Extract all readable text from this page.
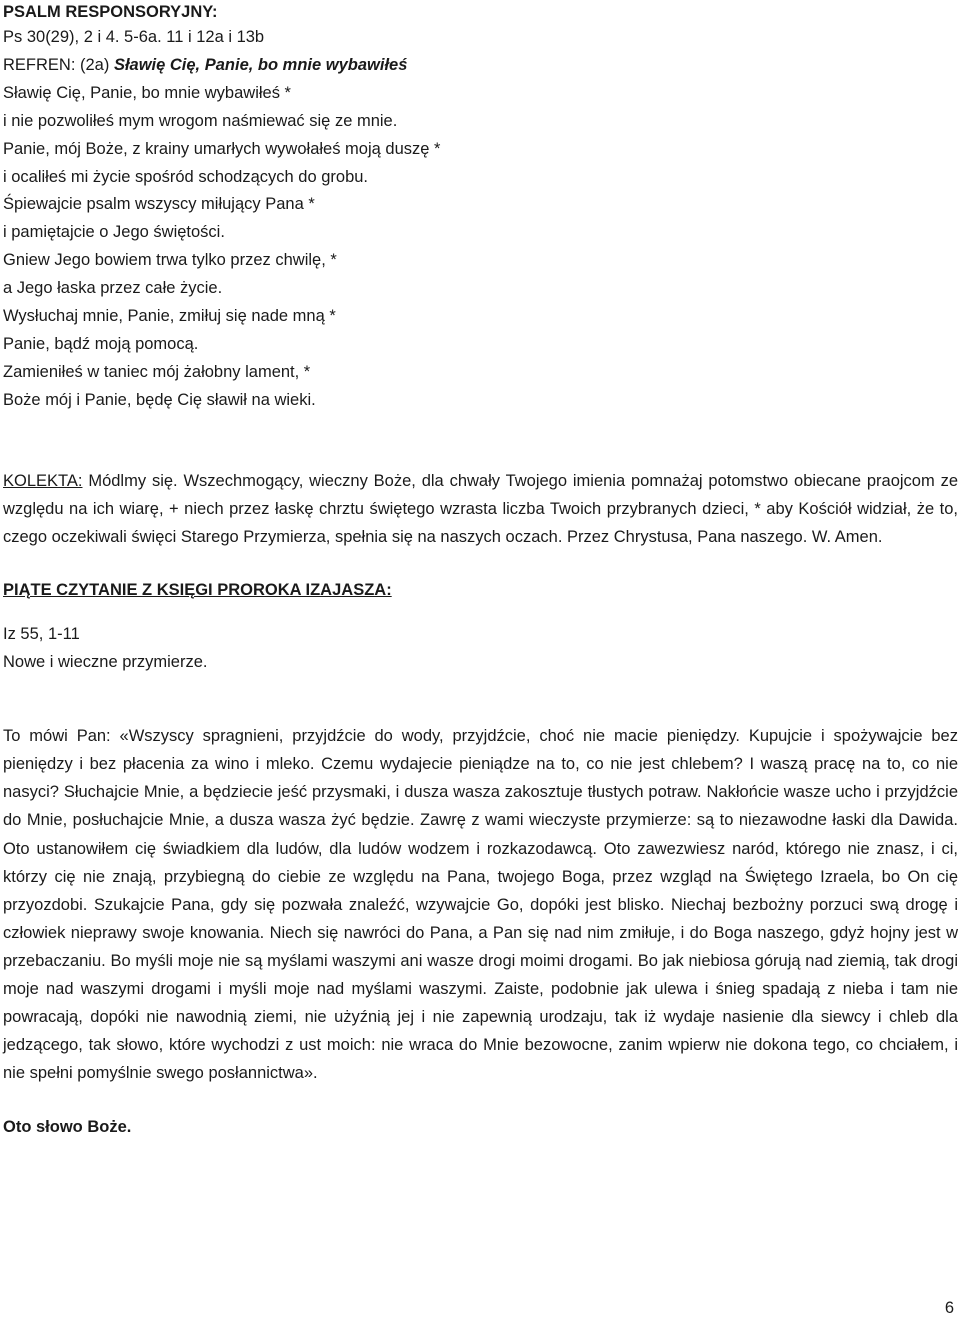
PSALM RESPONSORYJNY:

Ps 30(29), 2 i 4. 5-6a. 11 i 12a i 13b

REFREN: (2a) Sławię Cię, Panie, bo mnie wybawiłeś

Sławię Cię, Panie, bo mnie wybawiłeś *

i nie pozwoliłeś mym wrogom naśmiewać się ze mnie.

Panie, mój Boże, z krainy umarłych wywołałeś moją duszę *

i ocaliłeś mi życie spośród schodzących do grobu.

Śpiewajcie psalm wszyscy miłujący Pana *

i pamiętajcie o Jego świętości.

Gniew Jego bowiem trwa tylko przez chwilę, *

a Jego łaska przez całe życie.

Wysłuchaj mnie, Panie, zmiłuj się nade mną *

Panie, bądź moją pomocą.

Zamieniłeś w taniec mój żałobny lament, *

Boże mój i Panie, będę Cię sławił na wieki.

KOLEKTA: Módlmy się. Wszechmogący, wieczny Boże, dla chwały Twojego imienia pomnażaj potomstwo obiecane praojcom ze względu na ich wiarę, + niech przez łaskę chrztu świętego wzrasta liczba Twoich przybranych dzieci, * aby Kościół widział, że to, czego oczekiwali święci Starego Przymierza, spełnia się na naszych oczach. Przez Chrystusa, Pana naszego. W. Amen.

PIĄTE CZYTANIE Z KSIĘGI PROROKA IZAJASZA:

Iz 55, 1-11

Nowe i wieczne przymierze.

To mówi Pan: «Wszyscy spragnieni, przyjdźcie do wody, przyjdźcie, choć nie macie pieniędzy. Kupujcie i spożywajcie bez pieniędzy i bez płacenia za wino i mleko. Czemu wydajecie pieniądze na to, co nie jest chlebem? I waszą pracę na to, co nie nasyci? Słuchajcie Mnie, a będziecie jeść przysmaki, i dusza wasza zakosztuje tłustych potraw. Nakłońcie wasze ucho i przyjdźcie do Mnie, posłuchajcie Mnie, a dusza wasza żyć będzie. Zawrę z wami wieczyste przymierze: są to niezawodne łaski dla Dawida. Oto ustanowiłem cię świadkiem dla ludów, dla ludów wodzem i rozkazodawcą. Oto zawezwiesz naród, którego nie znasz, i ci, którzy cię nie znają, przybiegną do ciebie ze względu na Pana, twojego Boga, przez wzgląd na Świętego Izraela, bo On cię przyozdobi. Szukajcie Pana, gdy się pozwała znaleźć, wzywajcie Go, dopóki jest blisko. Niechaj bezbożny porzuci swą drogę i człowiek nieprawy swoje knowania. Niech się nawróci do Pana, a Pan się nad nim zmiłuje, i do Boga naszego, gdyż hojny jest w przebaczaniu. Bo myśli moje nie są myślami waszymi ani wasze drogi moimi drogami. Bo jak niebiosa górują nad ziemią, tak drogi moje nad waszymi drogami i myśli moje nad myślami waszymi. Zaiste, podobnie jak ulewa i śnieg spadają z nieba i tam nie powracają, dopóki nie nawodnią ziemi, nie użyźnią jej i nie zapewnią urodzaju, tak iż wydaje nasienie dla siewcy i chleb dla jedzącego, tak słowo, które wychodzi z ust moich: nie wraca do Mnie bezowocne, zanim wpierw nie dokona tego, co chciałem, i nie spełni pomyślnie swego posłannictwa».

Oto słowo Boże.

6
